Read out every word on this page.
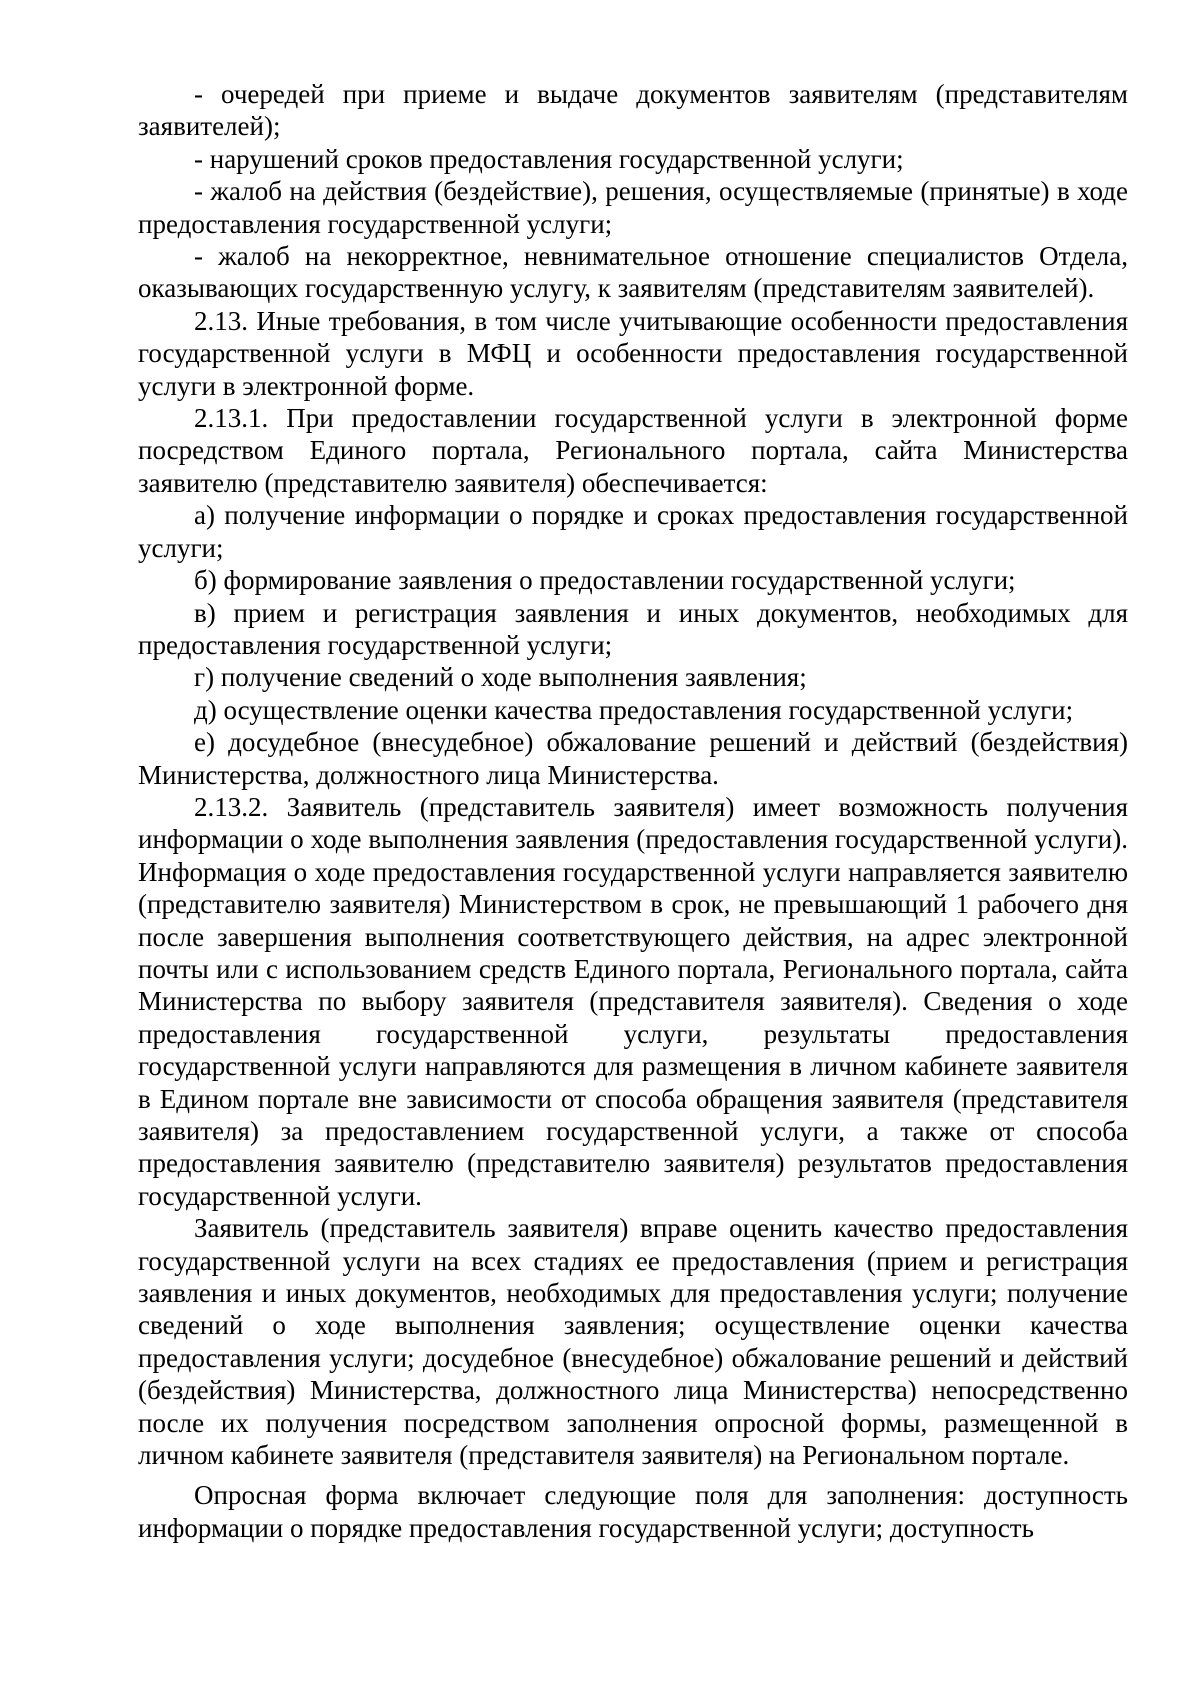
- очередей при приеме и выдаче документов заявителям (представителям заявителей);

- нарушений сроков предоставления государственной услуги;

- жалоб на действия (бездействие), решения, осуществляемые (принятые) в ходе предоставления государственной услуги;

- жалоб на некорректное, невнимательное отношение специалистов Отдела, оказывающих государственную услугу, к заявителям (представителям заявителей).

2.13. Иные требования, в том числе учитывающие особенности предоставления государственной услуги в МФЦ и особенности предоставления государственной услуги в электронной форме.

2.13.1. При предоставлении государственной услуги в электронной форме посредством Единого портала, Регионального портала, сайта Министерства заявителю (представителю заявителя) обеспечивается:

а) получение информации о порядке и сроках предоставления государственной услуги;

б) формирование заявления о предоставлении государственной услуги;

в) прием и регистрация заявления и иных документов, необходимых для предоставления государственной услуги;

г) получение сведений о ходе выполнения заявления;

д) осуществление оценки качества предоставления государственной услуги;

е) досудебное (внесудебное) обжалование решений и действий (бездействия) Министерства, должностного лица Министерства.

2.13.2. Заявитель (представитель заявителя) имеет возможность получения информации о ходе выполнения заявления (предоставления государственной услуги). Информация о ходе предоставления государственной услуги направляется заявителю (представителю заявителя) Министерством в срок, не превышающий 1 рабочего дня после завершения выполнения соответствующего действия, на адрес электронной почты или с использованием средств Единого портала, Регионального портала, сайта Министерства по выбору заявителя (представителя заявителя). Сведения о ходе предоставления государственной услуги, результаты предоставления государственной услуги направляются для размещения в личном кабинете заявителя в Едином портале вне зависимости от способа обращения заявителя (представителя заявителя) за предоставлением государственной услуги, а также от способа предоставления заявителю (представителю заявителя) результатов предоставления государственной услуги.

Заявитель (представитель заявителя) вправе оценить качество предоставления государственной услуги на всех стадиях ее предоставления (прием и регистрация заявления и иных документов, необходимых для предоставления услуги; получение сведений о ходе выполнения заявления; осуществление оценки качества предоставления услуги; досудебное (внесудебное) обжалование решений и действий (бездействия) Министерства, должностного лица Министерства) непосредственно после их получения посредством заполнения опросной формы, размещенной в личном кабинете заявителя (представителя заявителя) на Региональном портале.

Опросная форма включает следующие поля для заполнения: доступность информации о порядке предоставления государственной услуги; доступность
